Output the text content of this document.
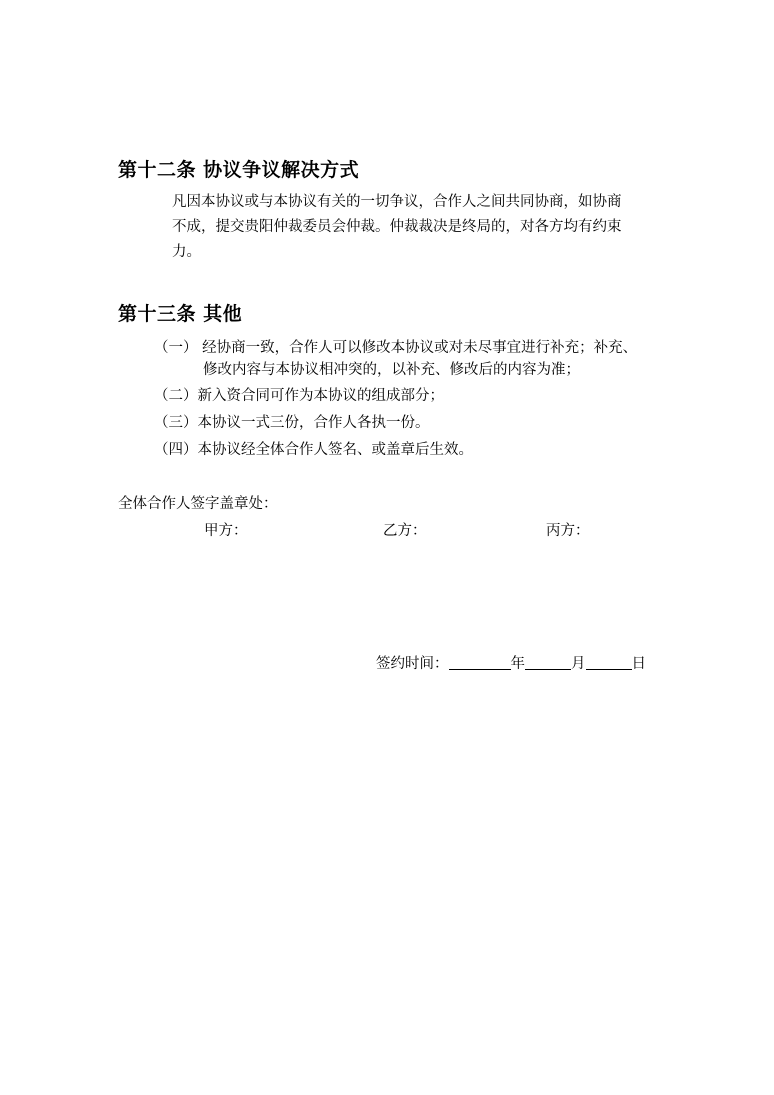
第十二条 协议争议解决方式
凡因本协议或与本协议有关的一切争议，合作人之间共同协商，如协商
不成，提交贵阳仲裁委员会仲裁。仲裁裁决是终局的，对各方均有约束
力。
第十三条 其他
（一） 经协商一致，合作人可以修改本协议或对未尽事宜进行补充；补充、
修改内容与本协议相冲突的，以补充、修改后的内容为准；
（二）新入资合同可作为本协议的组成部分；
（三）本协议一式三份，合作人各执一份。
（四）本协议经全体合作人签名、或盖章后生效。
全体合作人签字盖章处：
甲方：	乙方：	丙方：
签约时间：	年	月	日
